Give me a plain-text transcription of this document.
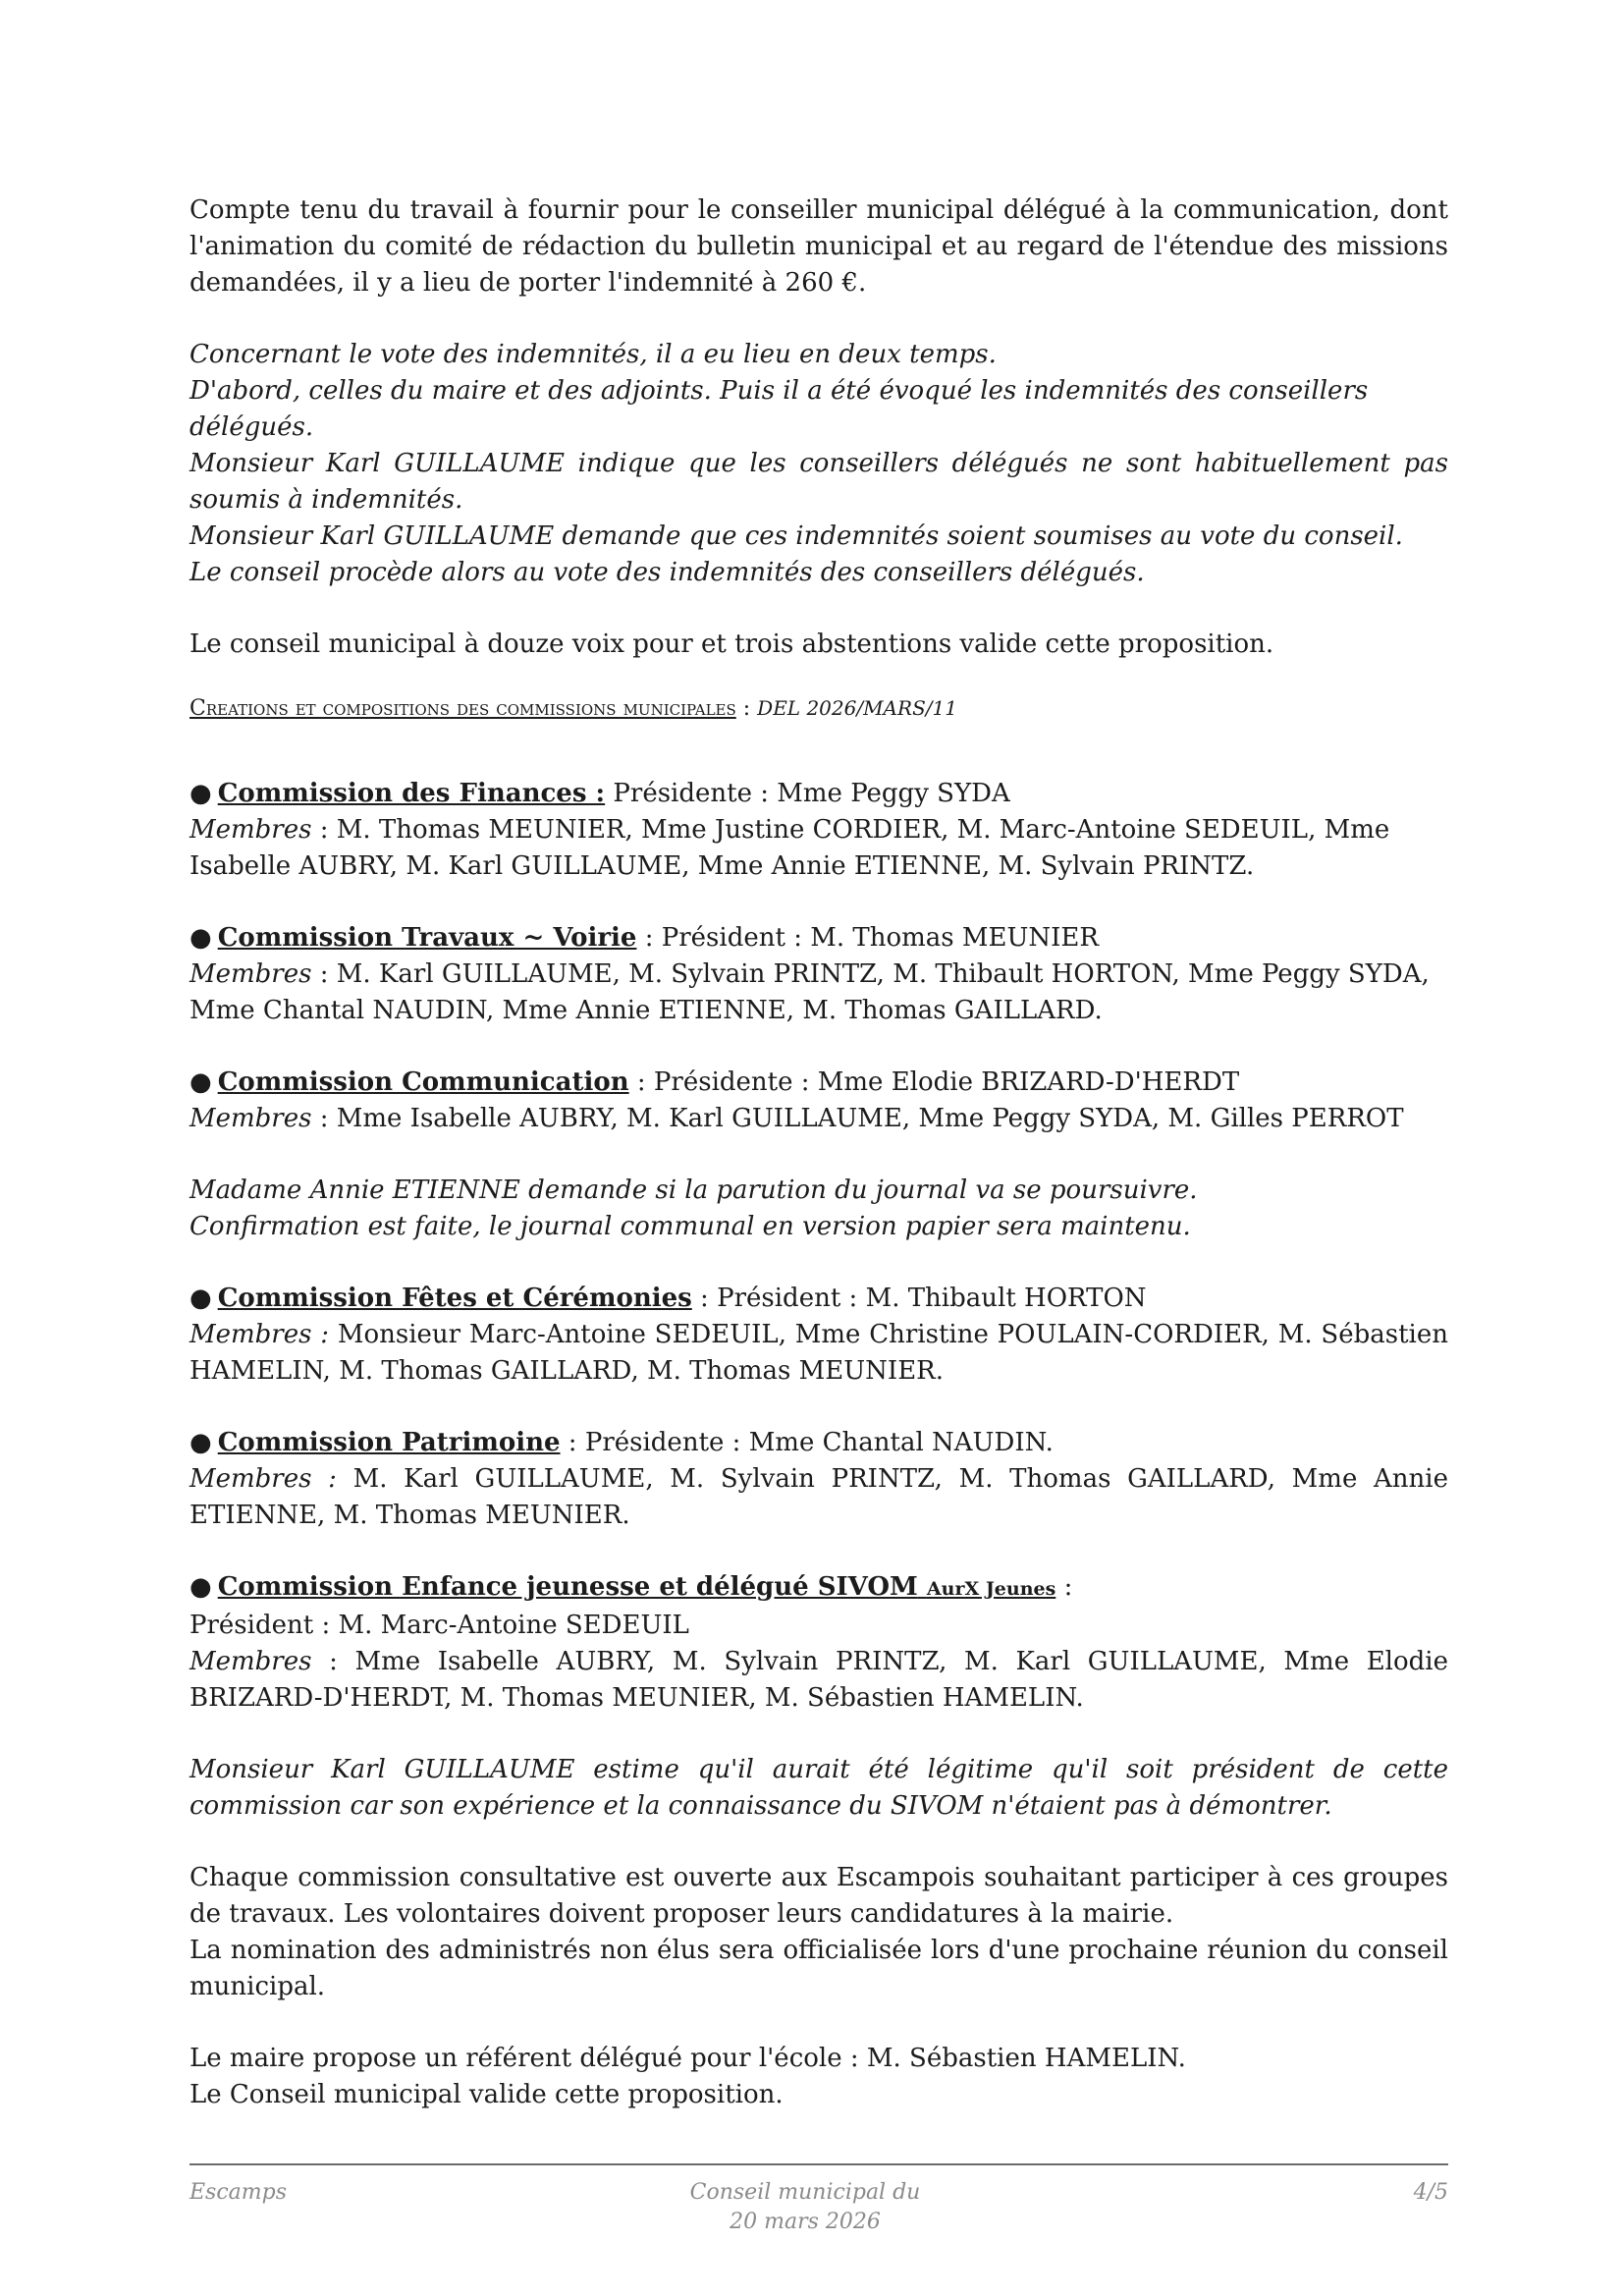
Compte tenu du travail à fournir pour le conseiller municipal délégué à la communication, dont l'animation du comité de rédaction du bulletin municipal et au regard de l'étendue des missions demandées, il y a lieu de porter l'indemnité à 260 €.

Concernant le vote des indemnités, il a eu lieu en deux temps.

D'abord, celles du maire et des adjoints. Puis il a été évoqué les indemnités des conseillers délégués.

Monsieur Karl GUILLAUME indique que les conseillers délégués ne sont habituellement pas soumis à indemnités.

Monsieur Karl GUILLAUME demande que ces indemnités soient soumises au vote du conseil.

Le conseil procède alors au vote des indemnités des conseillers délégués.

Le conseil municipal à douze voix pour et trois abstentions valide cette proposition.

Creations et compositions des commissions municipales : DEL 2026/MARS/11

● Commission des Finances : Présidente : Mme Peggy SYDA

Membres : M. Thomas MEUNIER, Mme Justine CORDIER, M. Marc-Antoine SEDEUIL, Mme Isabelle AUBRY, M. Karl GUILLAUME, Mme Annie ETIENNE, M. Sylvain PRINTZ.

● Commission Travaux ~ Voirie : Président : M. Thomas MEUNIER

Membres : M. Karl GUILLAUME, M. Sylvain PRINTZ, M. Thibault HORTON, Mme Peggy SYDA, Mme Chantal NAUDIN, Mme Annie ETIENNE, M. Thomas GAILLARD.

● Commission Communication : Présidente : Mme Elodie BRIZARD-D'HERDT

Membres : Mme Isabelle AUBRY, M. Karl GUILLAUME, Mme Peggy SYDA, M. Gilles PERROT

Madame Annie ETIENNE demande si la parution du journal va se poursuivre.

Confirmation est faite, le journal communal en version papier sera maintenu.

● Commission Fêtes et Cérémonies : Président : M. Thibault HORTON

Membres : Monsieur Marc-Antoine SEDEUIL, Mme Christine POULAIN-CORDIER, M. Sébastien HAMELIN, M. Thomas GAILLARD, M. Thomas MEUNIER.

● Commission Patrimoine : Présidente : Mme Chantal NAUDIN.

Membres : M. Karl GUILLAUME, M. Sylvain PRINTZ, M. Thomas GAILLARD, Mme Annie ETIENNE, M. Thomas MEUNIER.

● Commission Enfance jeunesse et délégué SIVOM AurX Jeunes :

Président : M. Marc-Antoine SEDEUIL

Membres : Mme Isabelle AUBRY, M. Sylvain PRINTZ, M. Karl GUILLAUME, Mme Elodie BRIZARD-D'HERDT, M. Thomas MEUNIER, M. Sébastien HAMELIN.

Monsieur Karl GUILLAUME estime qu'il aurait été légitime qu'il soit président de cette commission car son expérience et la connaissance du SIVOM n'étaient pas à démontrer.

Chaque commission consultative est ouverte aux Escampois souhaitant participer à ces groupes de travaux. Les volontaires doivent proposer leurs candidatures à la mairie.

La nomination des administrés non élus sera officialisée lors d'une prochaine réunion du conseil municipal.

Le maire propose un référent délégué pour l'école : M. Sébastien HAMELIN.

Le Conseil municipal valide cette proposition.

Escamps	Conseil municipal du
20 mars 2026
4/5
